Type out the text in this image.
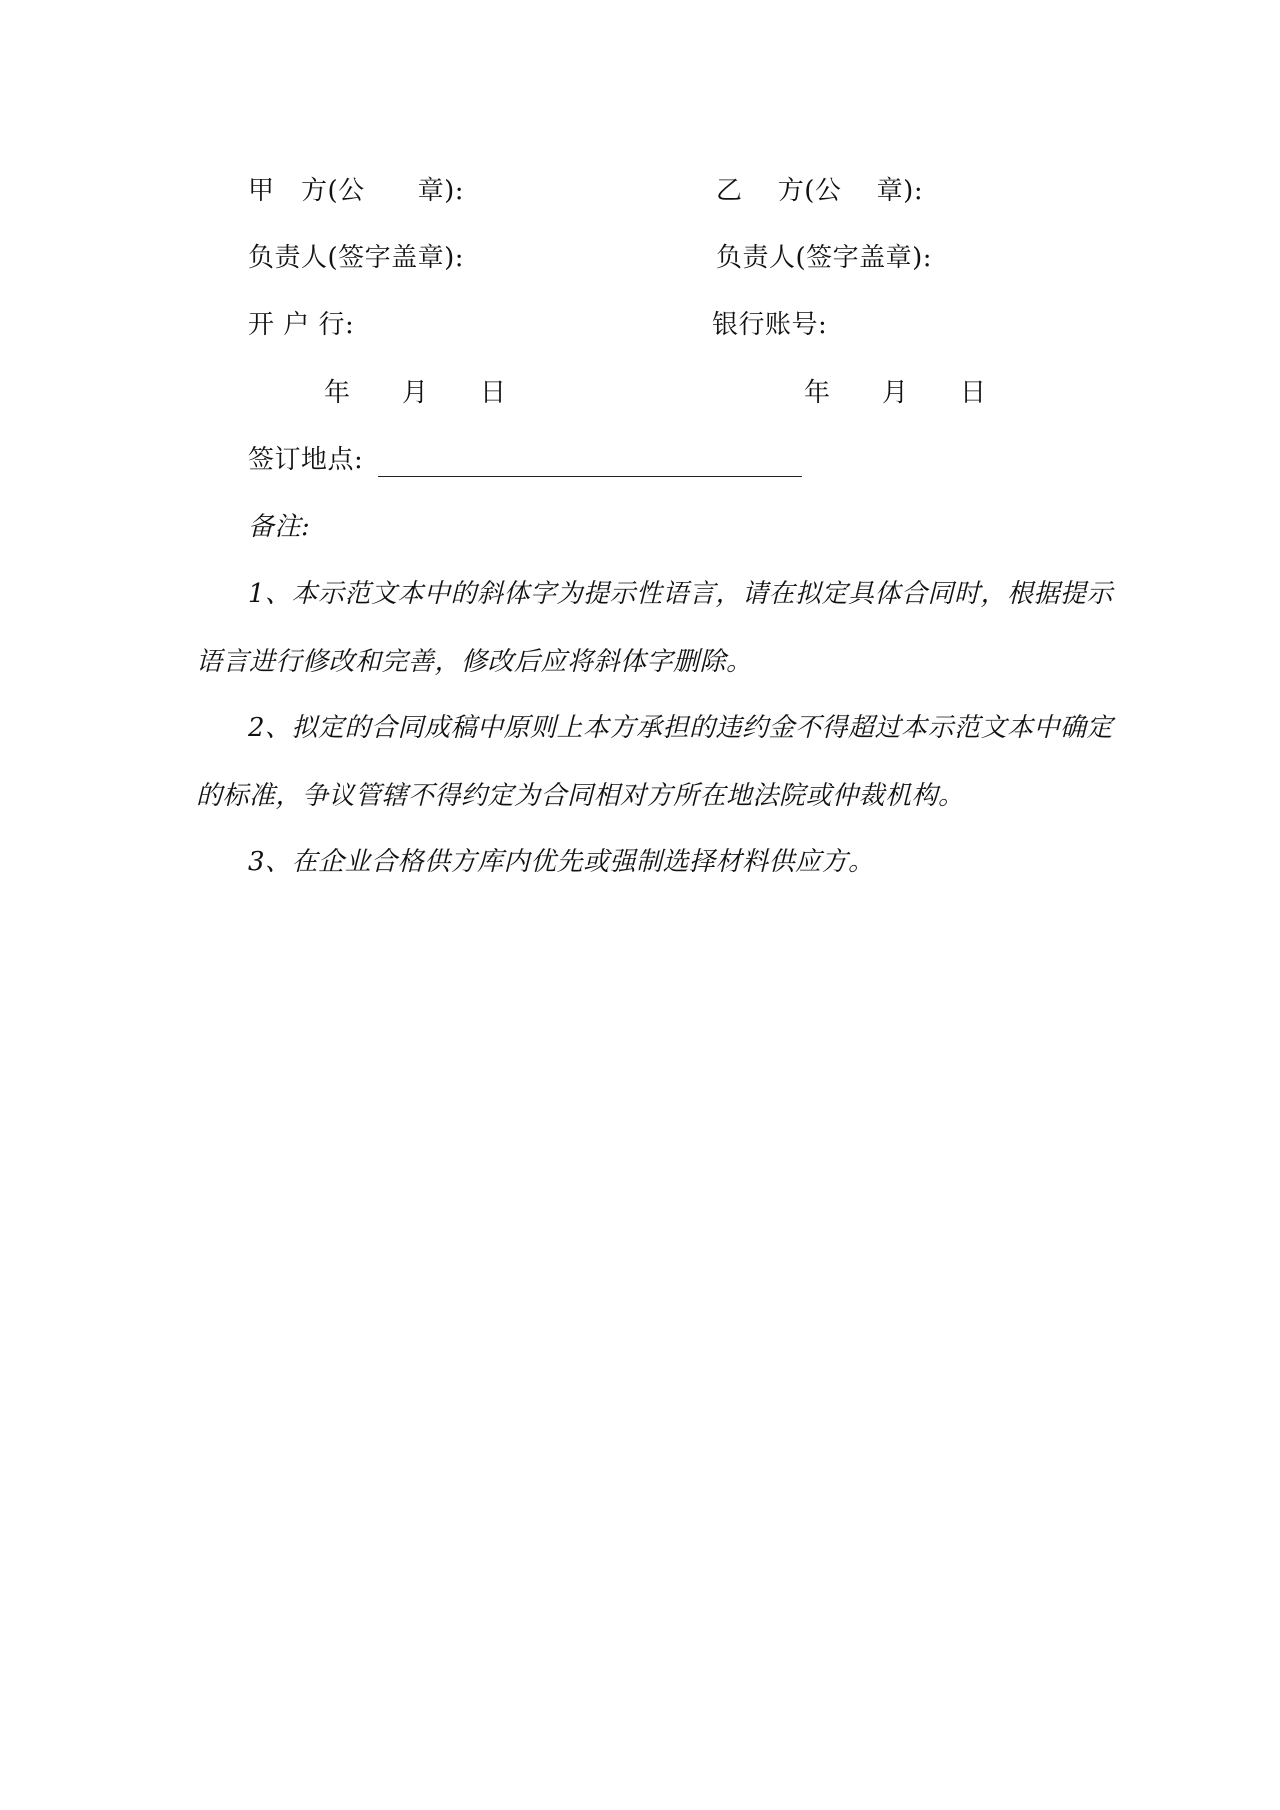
甲　方(公　　章):	乙　 方(公　 章):
负责人(签字盖章):	负责人(签字盖章):
开 户 行:	银行账号:
年 月 日	年 月 日
签订地点:
备注:
1、本示范文本中的斜体字为提示性语言，请在拟定具体合同时，根据提示
语言进行修改和完善，修改后应将斜体字删除。
2、拟定的合同成稿中原则上本方承担的违约金不得超过本示范文本中确定
的标准，争议管辖不得约定为合同相对方所在地法院或仲裁机构。
3、在企业合格供方库内优先或强制选择材料供应方。
